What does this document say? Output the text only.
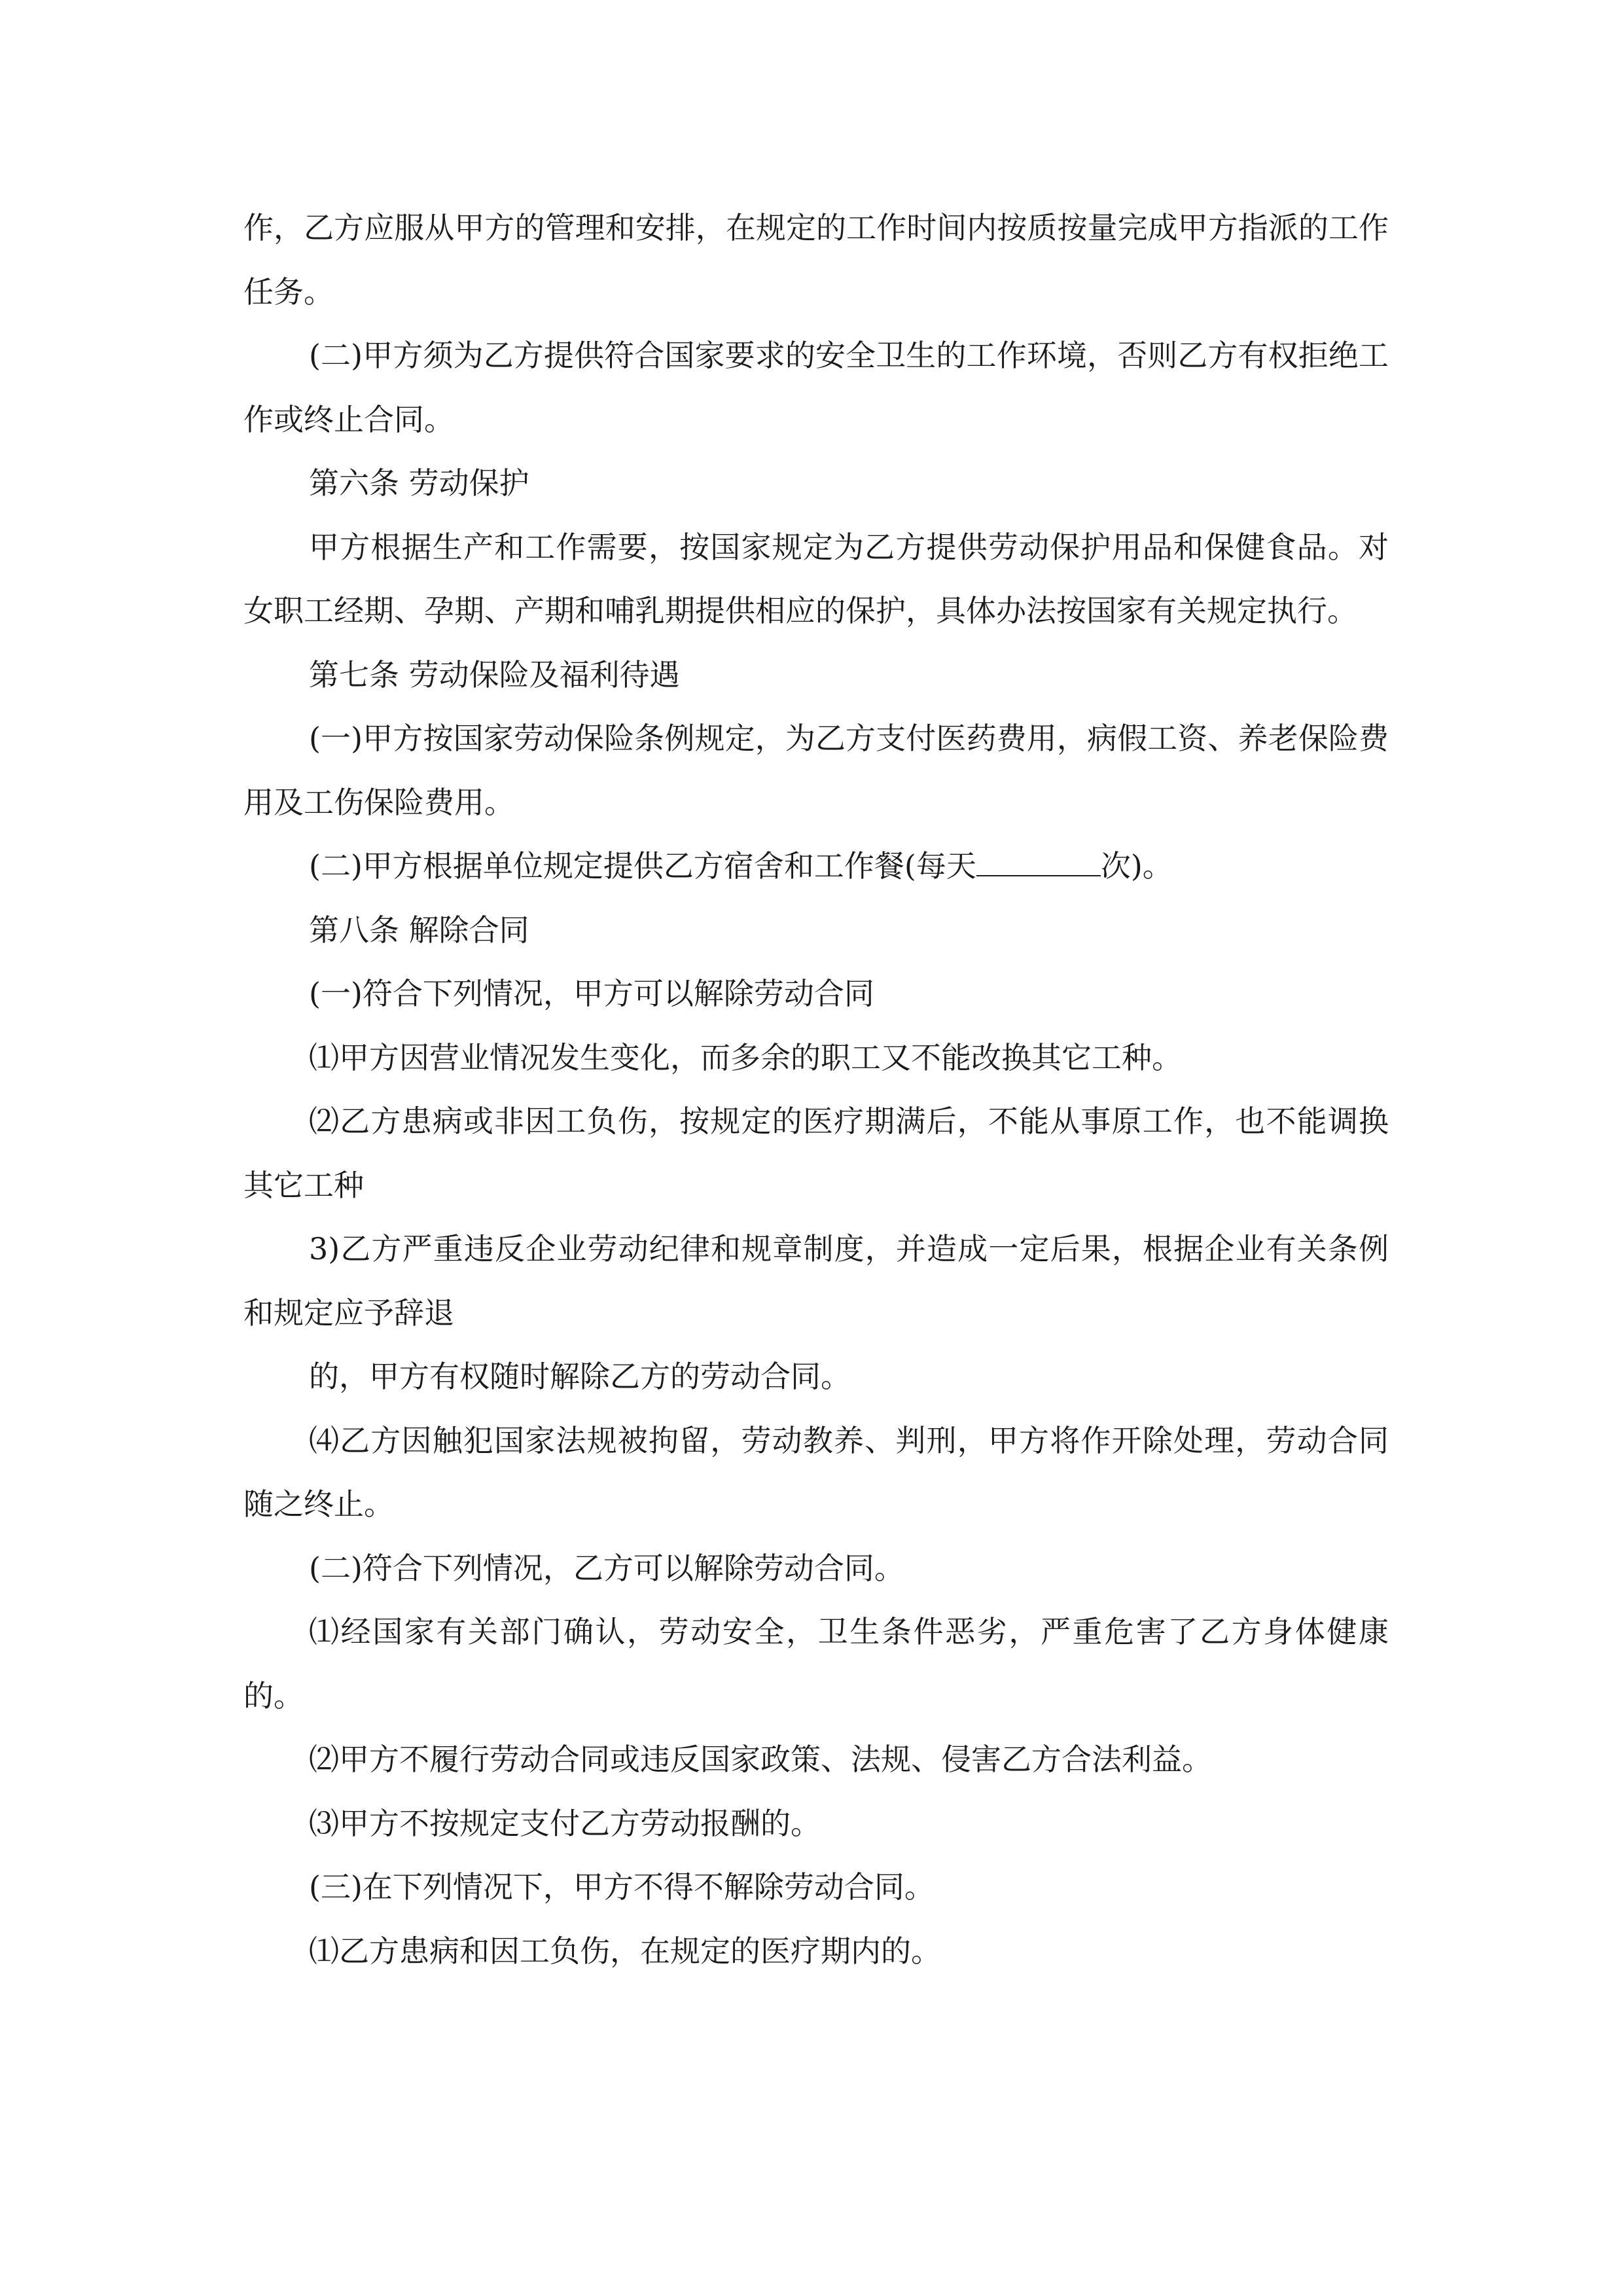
作，乙方应服从甲方的管理和安排，在规定的工作时间内按质按量完成甲方指派的工作任务。

(二)甲方须为乙方提供符合国家要求的安全卫生的工作环境，否则乙方有权拒绝工作或终止合同。

第六条 劳动保护

甲方根据生产和工作需要，按国家规定为乙方提供劳动保护用品和保健食品。对女职工经期、孕期、产期和哺乳期提供相应的保护，具体办法按国家有关规定执行。

第七条 劳动保险及福利待遇

(一)甲方按国家劳动保险条例规定，为乙方支付医药费用，病假工资、养老保险费用及工伤保险费用。

(二)甲方根据单位规定提供乙方宿舍和工作餐(每天	次)。

第八条 解除合同

(一)符合下列情况，甲方可以解除劳动合同

⑴甲方因营业情况发生变化，而多余的职工又不能改换其它工种。

⑵乙方患病或非因工负伤，按规定的医疗期满后，不能从事原工作，也不能调换其它工种

3)乙方严重违反企业劳动纪律和规章制度，并造成一定后果，根据企业有关条例和规定应予辞退

的，甲方有权随时解除乙方的劳动合同。

⑷乙方因触犯国家法规被拘留，劳动教养、判刑，甲方将作开除处理，劳动合同随之终止。

(二)符合下列情况，乙方可以解除劳动合同。

⑴经国家有关部门确认，劳动安全，卫生条件恶劣，严重危害了乙方身体健康的。

⑵甲方不履行劳动合同或违反国家政策、法规、侵害乙方合法利益。

⑶甲方不按规定支付乙方劳动报酬的。

(三)在下列情况下，甲方不得不解除劳动合同。

⑴乙方患病和因工负伤，在规定的医疗期内的。
